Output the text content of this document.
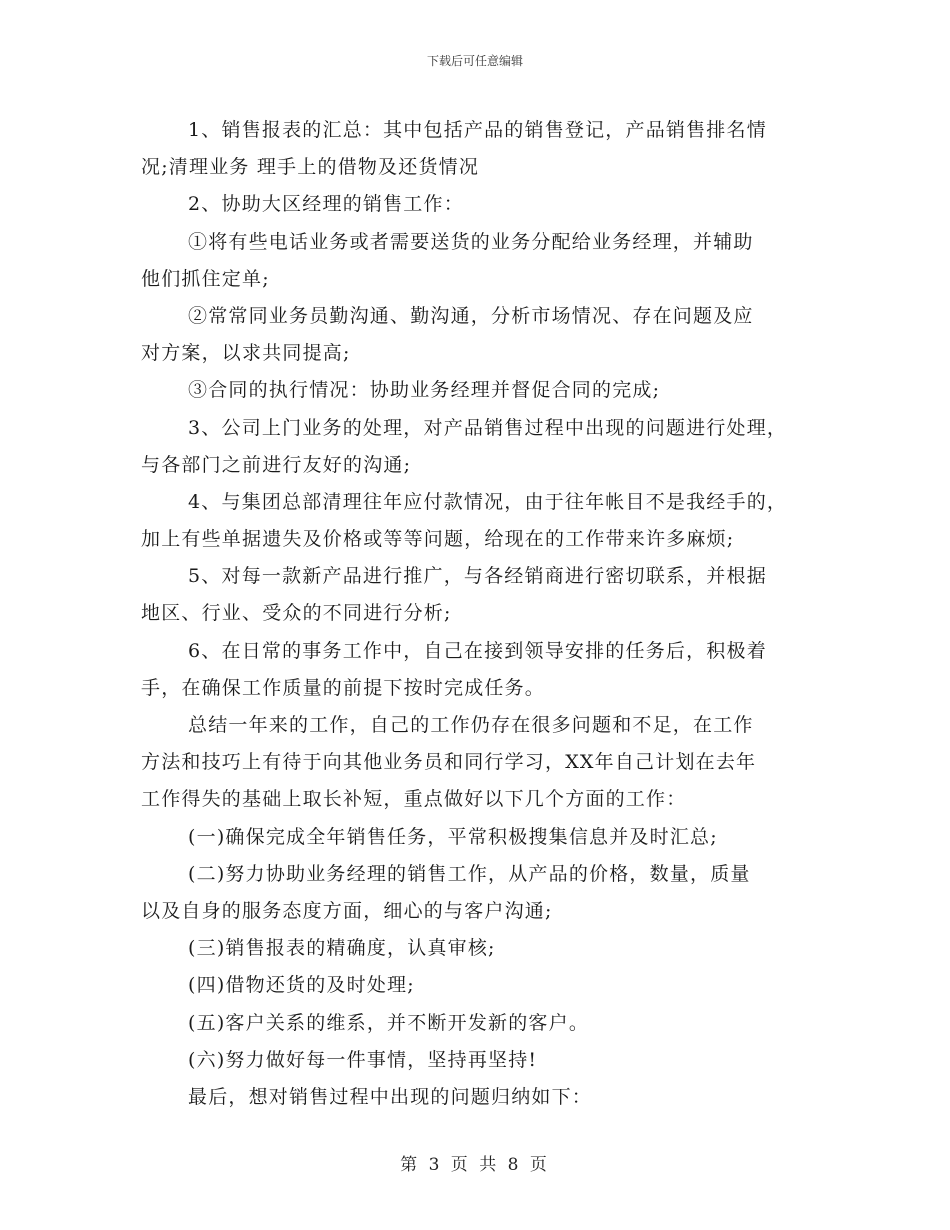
下载后可任意编辑
1、销售报表的汇总：其中包括产品的销售登记，产品销售排名情
况;清理业务 理手上的借物及还货情况
2、协助大区经理的销售工作：
①将有些电话业务或者需要送货的业务分配给业务经理，并辅助
他们抓住定单;
②常常同业务员勤沟通、勤沟通，分析市场情况、存在问题及应
对方案，以求共同提高;
③合同的执行情况：协助业务经理并督促合同的完成;
3、公司上门业务的处理，对产品销售过程中出现的问题进行处理，
与各部门之前进行友好的沟通;
4、与集团总部清理往年应付款情况，由于往年帐目不是我经手的，
加上有些单据遗失及价格或等等问题，给现在的工作带来许多麻烦;
5、对每一款新产品进行推广，与各经销商进行密切联系，并根据
地区、行业、受众的不同进行分析;
6、在日常的事务工作中，自己在接到领导安排的任务后，积极着
手，在确保工作质量的前提下按时完成任务。
总结一年来的工作，自己的工作仍存在很多问题和不足，在工作
方法和技巧上有待于向其他业务员和同行学习，XX年自己计划在去年
工作得失的基础上取长补短，重点做好以下几个方面的工作：
(一)确保完成全年销售任务，平常积极搜集信息并及时汇总;
(二)努力协助业务经理的销售工作，从产品的价格，数量，质量
以及自身的服务态度方面，细心的与客户沟通;
(三)销售报表的精确度，认真审核;
(四)借物还货的及时处理;
(五)客户关系的维系，并不断开发新的客户。
(六)努力做好每一件事情，坚持再坚持!
最后，想对销售过程中出现的问题归纳如下：
第 3 页 共 8 页
